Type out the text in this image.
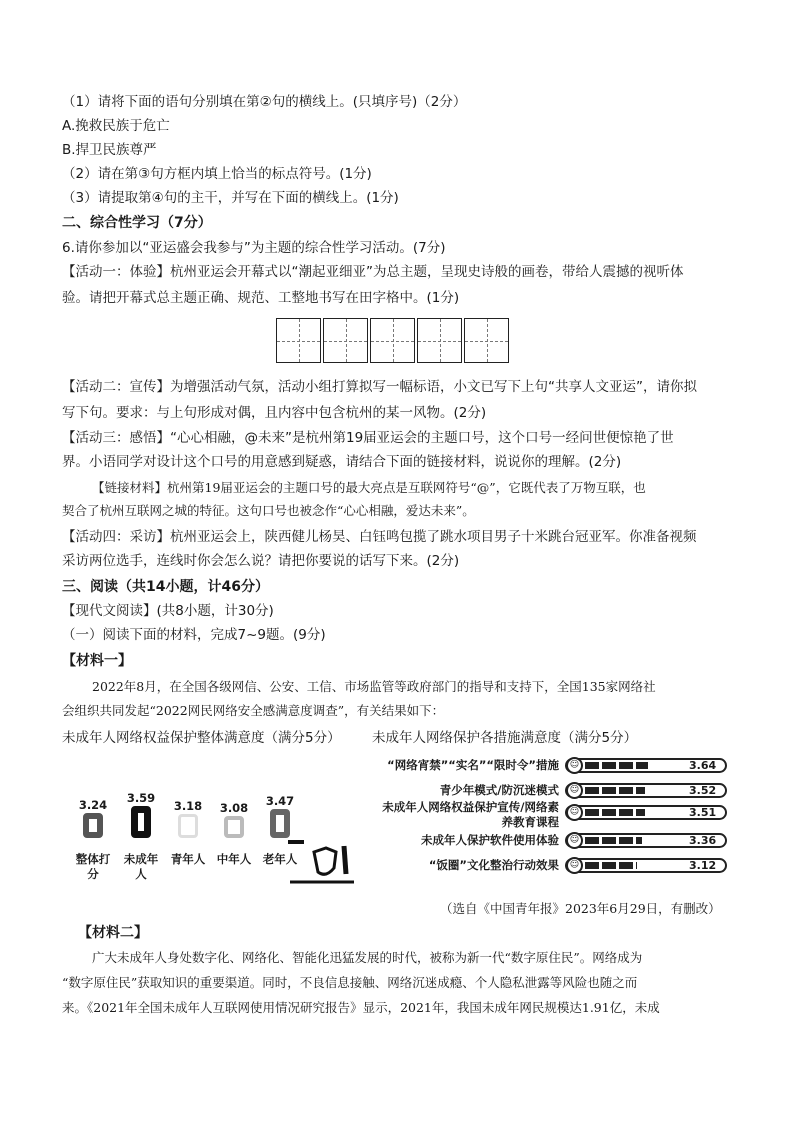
（1）请将下面的语句分别填在第②句的横线上。(只填序号)（2分）
A.挽救民族于危亡
B.捍卫民族尊严
（2）请在第③句方框内填上恰当的标点符号。(1分)
（3）请提取第④句的主干，并写在下面的横线上。(1分)
二、综合性学习（7分）
6.请你参加以“亚运盛会我参与”为主题的综合性学习活动。(7分)
【活动一：体验】杭州亚运会开幕式以“潮起亚细亚”为总主题，呈现史诗般的画卷，带给人震撼的视听体
验。请把开幕式总主题正确、规范、工整地书写在田字格中。(1分)
【活动二：宣传】为增强活动气氛，活动小组打算拟写一幅标语，小文已写下上句“共享人文亚运”，请你拟
写下句。要求：与上句形成对偶，且内容中包含杭州的某一风物。(2分)
【活动三：感悟】“心心相融，@未来”是杭州第19届亚运会的主题口号，这个口号一经问世便惊艳了世
界。小语同学对设计这个口号的用意感到疑惑，请结合下面的链接材料，说说你的理解。(2分)
【链接材料】杭州第19届亚运会的主题口号的最大亮点是互联网符号“@”，它既代表了万物互联，也
契合了杭州互联网之城的特征。这句口号也被念作“心心相融，爱达未来”。
【活动四：采访】杭州亚运会上，陕西健儿杨昊、白钰鸣包揽了跳水项目男子十米跳台冠亚军。你准备视频
采访两位选手，连线时你会怎么说？请把你要说的话写下来。(2分)
三、阅读（共14小题，计46分）
【现代文阅读】(共8小题，计30分)
（一）阅读下面的材料，完成7~9题。(9分)
【材料一】
2022年8月，在全国各级网信、公安、工信、市场监管等政府部门的指导和支持下，全国135家网络社
会组织共同发起“2022网民网络安全感满意度调查”，有关结果如下：
未成年人网络权益保护整体满意度（满分5分） 未成年人网络保护各措施满意度（满分5分）
3.24
整体打分
3.59
未成年人
3.18
青年人
3.08
中年人
3.47
老年人
“网络宵禁”“实名”“限时令”措施	☺	3.64
青少年模式/防沉迷模式	☺	3.52
未成年人网络权益保护宣传/网络素养教育课程
☺	3.51
未成年人保护软件使用体验	☺	3.36
“饭圈”文化整治行动效果	☺	3.12
（选自《中国青年报》2023年6月29日，有删改）
【材料二】
广大未成年人身处数字化、网络化、智能化迅猛发展的时代，被称为新一代“数字原住民”。网络成为
“数字原住民”获取知识的重要渠道。同时，不良信息接触、网络沉迷成瘾、个人隐私泄露等风险也随之而
来。《2021年全国未成年人互联网使用情况研究报告》显示，2021年，我国未成年网民规模达1.91亿，未成
